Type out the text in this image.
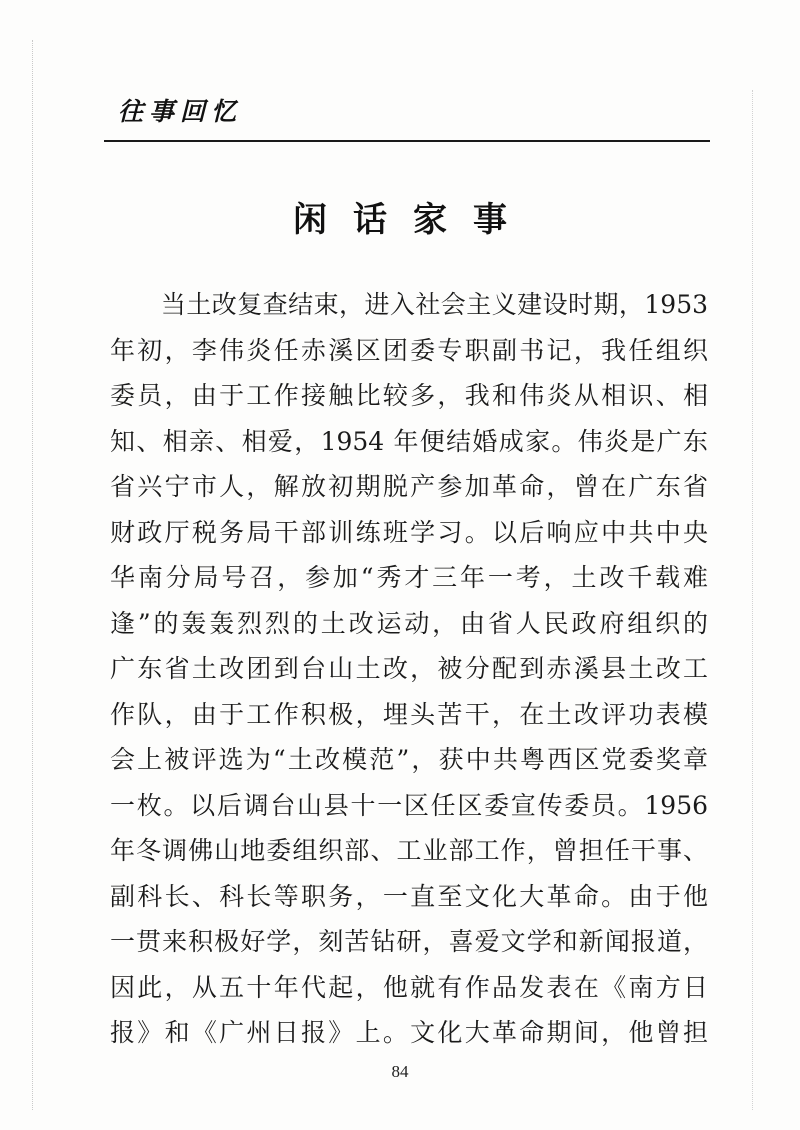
往事回忆
闲话家事
　　当土改复查结束，进入社会主义建设时期，1953
年初，李伟炎任赤溪区团委专职副书记，我任组织
委员，由于工作接触比较多，我和伟炎从相识、相
知、相亲、相爱，1954 年便结婚成家。伟炎是广东
省兴宁市人，解放初期脱产参加革命，曾在广东省
财政厅税务局干部训练班学习。以后响应中共中央
华南分局号召，参加“秀才三年一考，土改千载难
逢”的轰轰烈烈的土改运动，由省人民政府组织的
广东省土改团到台山土改，被分配到赤溪县土改工
作队，由于工作积极，埋头苦干，在土改评功表模
会上被评选为“土改模范”，获中共粤西区党委奖章
一枚。以后调台山县十一区任区委宣传委员。1956
年冬调佛山地委组织部、工业部工作，曾担任干事、
副科长、科长等职务，一直至文化大革命。由于他
一贯来积极好学，刻苦钻研，喜爱文学和新闻报道，
因此，从五十年代起，他就有作品发表在《南方日
报》和《广州日报》上。文化大革命期间，他曾担
84
